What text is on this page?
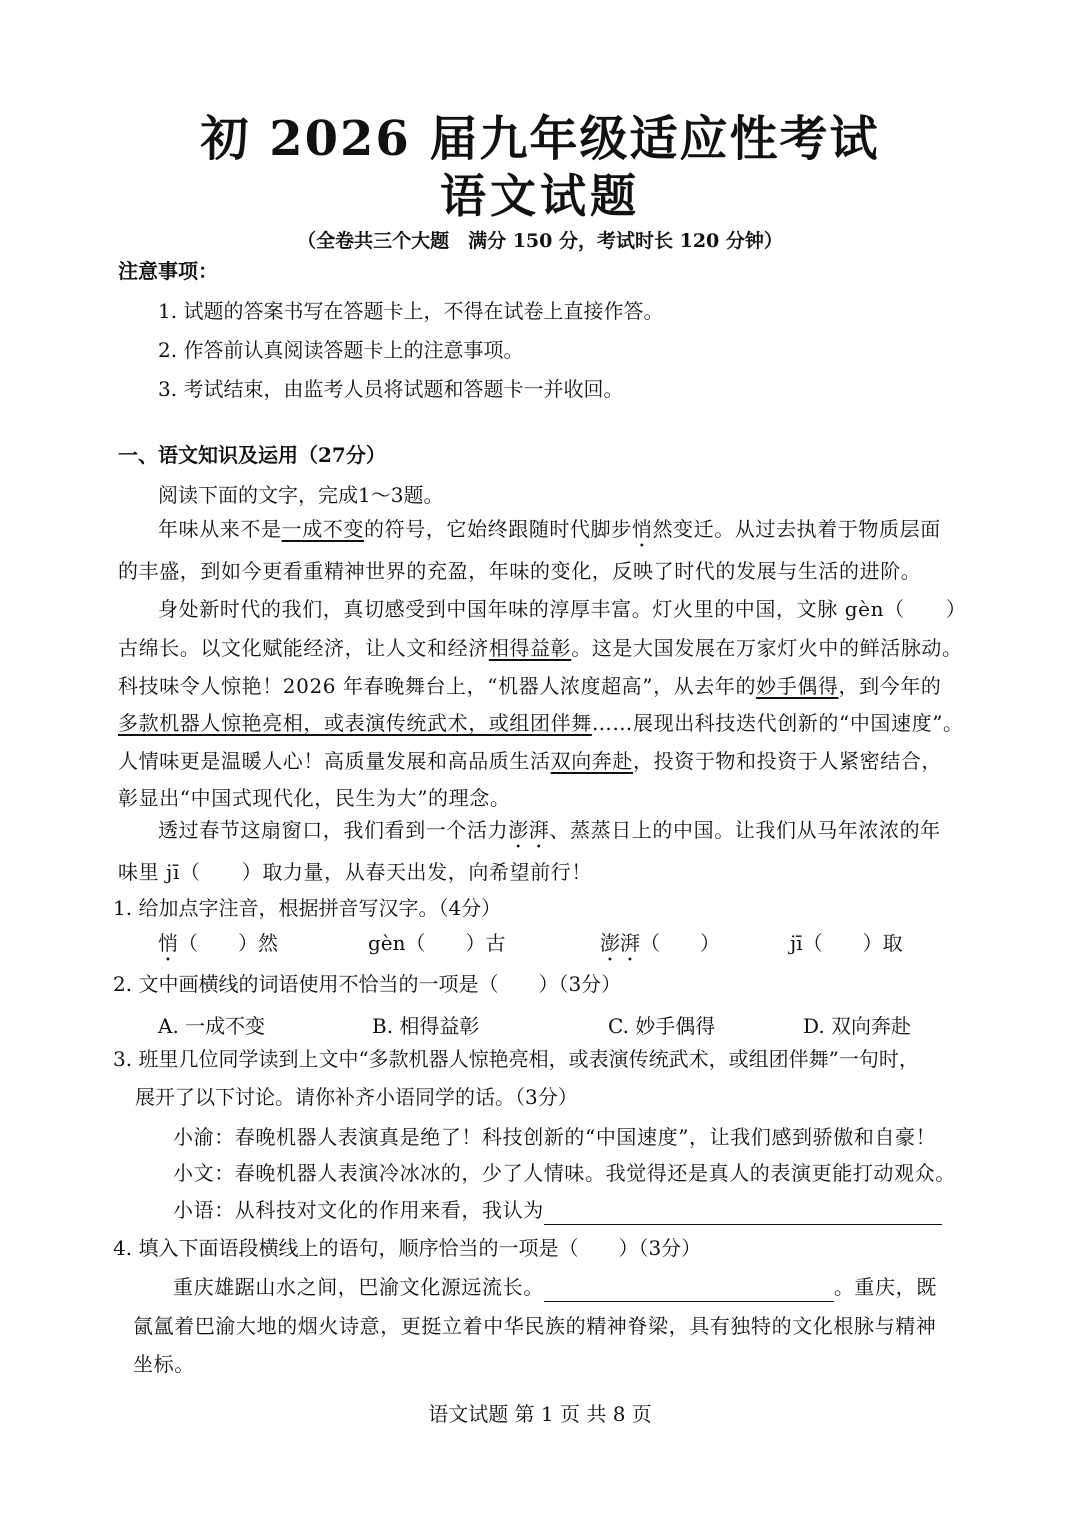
初 2026 届九年级适应性考试
语文试题
（全卷共三个大题　满分 150 分，考试时长 120 分钟）
注意事项：
1. 试题的答案书写在答题卡上，不得在试卷上直接作答。
2. 作答前认真阅读答题卡上的注意事项。
3. 考试结束，由监考人员将试题和答题卡一并收回。
一、语文知识及运用（27分）
阅读下面的文字，完成1～3题。
年味从来不是一成不变的符号，它始终跟随时代脚步悄然变迁。从过去执着于物质层面
的丰盛，到如今更看重精神世界的充盈，年味的变化，反映了时代的发展与生活的进阶。
身处新时代的我们，真切感受到中国年味的淳厚丰富。灯火里的中国，文脉 gèn（　　）
古绵长。以文化赋能经济，让人文和经济相得益彰。这是大国发展在万家灯火中的鲜活脉动。
科技味令人惊艳！2026 年春晚舞台上，“机器人浓度超高”，从去年的妙手偶得，到今年的
多款机器人惊艳亮相，或表演传统武术，或组团伴舞……展现出科技迭代创新的“中国速度”。
人情味更是温暖人心！高质量发展和高品质生活双向奔赴，投资于物和投资于人紧密结合，
彰显出“中国式现代化，民生为大”的理念。
透过春节这扇窗口，我们看到一个活力澎湃、蒸蒸日上的中国。让我们从马年浓浓的年
味里 jī（　　）取力量，从春天出发，向希望前行！
1. 给加点字注音，根据拼音写汉字。（4分）
悄（　　）然	gèn（　　）古	澎湃（　　）	jī（　　）取
2. 文中画横线的词语使用不恰当的一项是（　　）（3分）
A. 一成不变	B. 相得益彰	C. 妙手偶得	D. 双向奔赴
3. 班里几位同学读到上文中“多款机器人惊艳亮相，或表演传统武术，或组团伴舞”一句时，
展开了以下讨论。请你补齐小语同学的话。（3分）
小渝：春晚机器人表演真是绝了！科技创新的“中国速度”，让我们感到骄傲和自豪！
小文：春晚机器人表演冷冰冰的，少了人情味。我觉得还是真人的表演更能打动观众。
小语：从科技对文化的作用来看，我认为
4. 填入下面语段横线上的语句，顺序恰当的一项是（　　）（3分）
重庆雄踞山水之间，巴渝文化源远流长。	。重庆，既
氤氲着巴渝大地的烟火诗意，更挺立着中华民族的精神脊梁，具有独特的文化根脉与精神
坐标。
语文试题 第 1 页 共 8 页
